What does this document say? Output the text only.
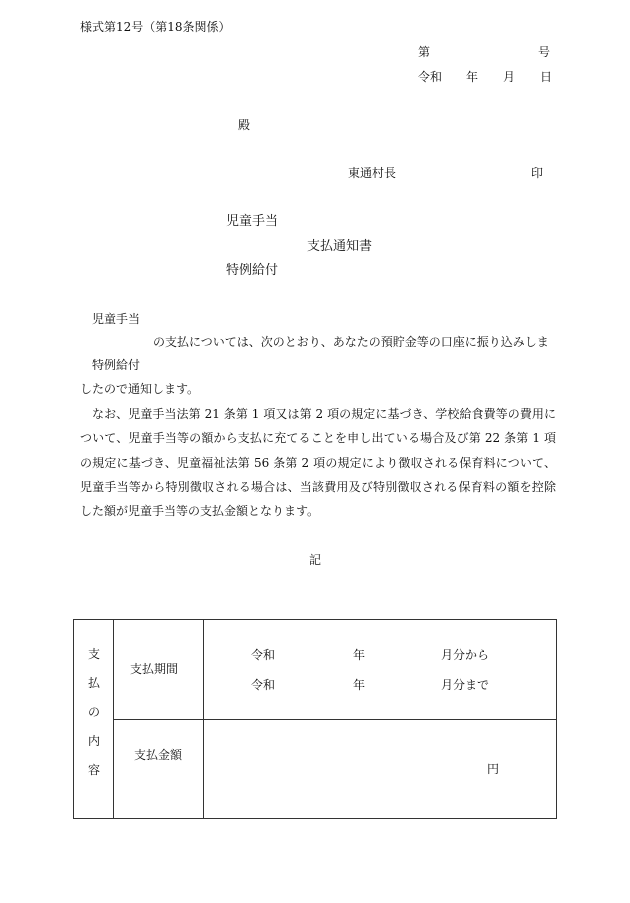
様式第12号（第18条関係）
第	号
令和 年 月 日
殿
東通村長	印
児童手当
支払通知書
特例給付
児童手当
の支払については、次のとおり、あなたの預貯金等の口座に振り込みしま
特例給付
したので通知します。

なお、児童手当法第 21 条第 1 項又は第 2 項の規定に基づき、学校給食費等の費用について、児童手当等の額から支払に充てることを申し出ている場合及び第 22 条第 1 項の規定に基づき、児童福祉法第 56 条第 2 項の規定により徴収される保育料について、児童手当等から特別徴収される場合は、当該費用及び特別徴収される保育料の額を控除した額が児童手当等の支払金額となります。

記
支
払
の
内
容
支払期間
令和	年	月分から
令和	年	月分まで
支払金額
円
